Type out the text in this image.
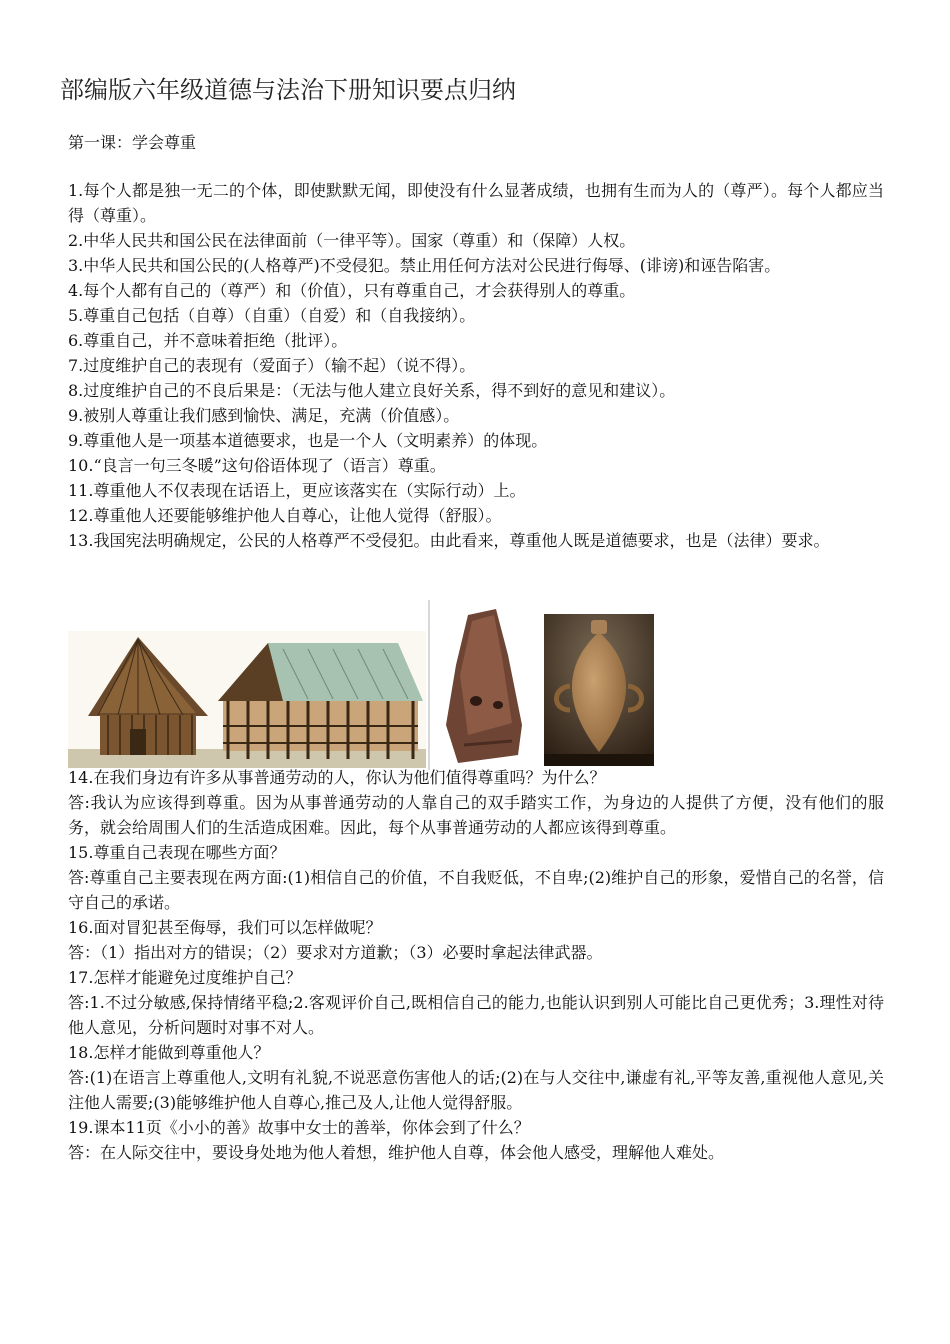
部编版六年级道德与法治下册知识要点归纳
第一课：学会尊重

1.每个人都是独一无二的个体，即使默默无闻，即使没有什么显著成绩，也拥有生而为人的（尊严）。每个人都应当得（尊重）。

2.中华人民共和国公民在法律面前（一律平等）。国家（尊重）和（保障）人权。

3.中华人民共和国公民的(人格尊严)不受侵犯。禁止用任何方法对公民进行侮辱、(诽谤)和诬告陷害。

4.每个人都有自己的（尊严）和（价值），只有尊重自己，才会获得别人的尊重。

5.尊重自己包括（自尊）（自重）（自爱）和（自我接纳）。

6.尊重自己，并不意味着拒绝（批评）。

7.过度维护自己的表现有（爱面子）（输不起）（说不得）。

8.过度维护自己的不良后果是：（无法与他人建立良好关系，得不到好的意见和建议）。

9.被别人尊重让我们感到愉快、满足，充满（价值感）。

9.尊重他人是一项基本道德要求，也是一个人（文明素养）的体现。

10.“良言一句三冬暖”这句俗语体现了（语言）尊重。

11.尊重他人不仅表现在话语上，更应该落实在（实际行动）上。

12.尊重他人还要能够维护他人自尊心，让他人觉得（舒服）。

13.我国宪法明确规定，公民的人格尊严不受侵犯。由此看来，尊重他人既是道德要求，也是（法律）要求。

14.在我们身边有许多从事普通劳动的人，你认为他们值得尊重吗？为什么？

答:我认为应该得到尊重。因为从事普通劳动的人靠自己的双手踏实工作，为身边的人提供了方便，没有他们的服务，就会给周围人们的生活造成困难。因此，每个从事普通劳动的人都应该得到尊重。

15.尊重自己表现在哪些方面？

答:尊重自己主要表现在两方面:(1)相信自己的价值，不自我贬低，不自卑;(2)维护自己的形象，爱惜自己的名誉，信守自己的承诺。

16.面对冒犯甚至侮辱，我们可以怎样做呢？

答：（1）指出对方的错误；（2）要求对方道歉；（3）必要时拿起法律武器。

17.怎样才能避免过度维护自己？

答:1.不过分敏感,保持情绪平稳;2.客观评价自己,既相信自己的能力,也能认识到别人可能比自己更优秀；3.理性对待他人意见，分析问题时对事不对人。

18.怎样才能做到尊重他人？

答:(1)在语言上尊重他人,文明有礼貌,不说恶意伤害他人的话;(2)在与人交往中,谦虚有礼,平等友善,重视他人意见,关注他人需要;(3)能够维护他人自尊心,推己及人,让他人觉得舒服。

19.课本11页《小小的善》故事中女士的善举，你体会到了什么？

答：在人际交往中，要设身处地为他人着想，维护他人自尊，体会他人感受，理解他人难处。
